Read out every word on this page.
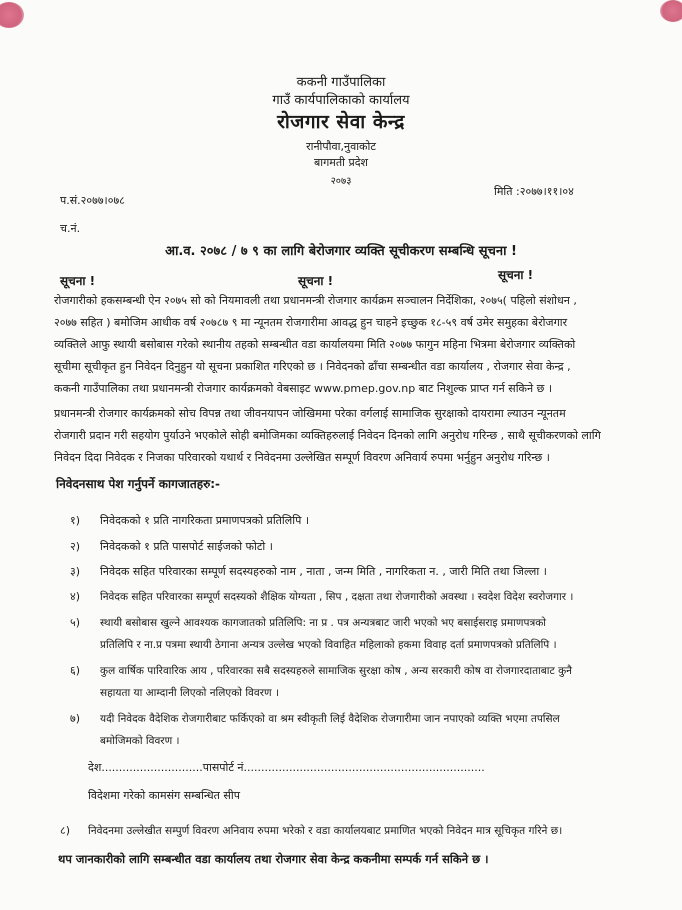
ककनी गाउँपालिका
गाउँ कार्यपालिकाको कार्यालय
रोजगार सेवा केन्द्र
रानीपौवा,नुवाकोट
बागमती प्रदेश
२०७३
प.सं.२०७७।०७८
मिति :२०७७।११।०४
च.नं.
आ.व. २०७८ / ७ ९ का लागि बेरोजगार व्यक्ति सूचीकरण सम्बन्धि सूचना !
सूचना !	सूचना !	सूचना !
रोजगारीको हकसम्बन्धी ऐन २०७५ सो को नियमावली तथा प्रधानमन्त्री रोजगार कार्यक्रम सञ्चालन निर्देशिका, २०७५( पहिलो संशोधन ,
२०७७ सहित ) बमोजिम आधीक वर्ष २०७८७ ९ मा न्यूनतम रोजगारीमा आवद्ध हुन चाहने इच्छुक १८-५९ वर्ष उमेर समुहका बेरोजगार
व्यक्तिले आफु स्थायी बसोबास गरेको स्थानीय तहको सम्बन्धीत वडा कार्यालयमा मिति २०७७ फागुन महिना भित्रमा बेरोजगार व्यक्तिको
सूचीमा सूचीकृत हुन निवेदन दिनुहुन यो सूचना प्रकाशित गरिएको छ । निवेदनको ढाँचा सम्बन्धीत वडा कार्यालय , रोजगार सेवा केन्द्र ,
ककनी गाउँपालिका तथा प्रधानमन्त्री रोजगार कार्यक्रमको वेबसाइट www.pmep.gov.np बाट निशुल्क प्राप्त गर्न सकिने छ ।
प्रधानमन्त्री रोजगार कार्यक्रमको सोच विपन्न तथा जीवनयापन जोखिममा परेका वर्गलाई सामाजिक सुरक्षाको दायरामा ल्याउन न्यूनतम
रोजगारी प्रदान गरी सहयोग पुर्याउने भएकोले सोही बमोजिमका व्यक्तिहरुलाई निवेदन दिनको लागि अनुरोध गरिन्छ , साथै सूचीकरणको लागि
निवेदन दिदा निवेदक र निजका परिवारको यथार्थ र निवेदनमा उल्लेखित सम्पूर्ण विवरण अनिवार्य रुपमा भर्नुहुन अनुरोध गरिन्छ ।
निवेदनसाथ पेश गर्नुपर्ने कागजातहरु:-
१) निवेदकको १ प्रति नागरिकता प्रमाणपत्रको प्रतिलिपि ।
२) निवेदकको १ प्रति पासपोर्ट साईजको फोटो ।
३) निवेदक सहित परिवारका सम्पूर्ण सदस्यहरुको नाम , नाता , जन्म मिति , नागरिकता न. , जारी मिति तथा जिल्ला ।
४) निवेदक सहित परिवारका सम्पूर्ण सदस्यको शैक्षिक योग्यता , सिप , दक्षता तथा रोजगारीको अवस्था । स्वदेश विदेश स्वरोजगार ।
५) स्थायी बसोबास खुल्ने आवश्यक कागजातको प्रतिलिपि: ना प्र . पत्र अन्यत्रबाट जारी भएको भए बसाईसराइ प्रमाणपत्रको
प्रतिलिपि र ना.प्र पत्रमा स्थायी ठेगाना अन्यत्र उल्लेख भएको विवाहित महिलाको हकमा विवाह दर्ता प्रमाणपत्रको प्रतिलिपि ।
६) कुल वार्षिक पारिवारिक आय , परिवारका सबै सदस्यहरुले सामाजिक सुरक्षा कोष , अन्य सरकारी कोष वा रोजगारदाताबाट कुनै
सहायता या आम्दानी लिएको नलिएको विवरण ।
७) यदी निवेदक वैदेशिक रोजगारीबाट फर्किएको वा श्रम स्वीकृती लिई वैदेशिक रोजगारीमा जान नपाएको व्यक्ति भएमा तपसिल
बमोजिमको विवरण ।
देश.............................पासपोर्ट नं.....................................................................
विदेशमा गरेको कामसंग सम्बन्धित सीप
८) निवेदनमा उल्लेखीत सम्पुर्ण विवरण अनिवाय रुपमा भरेको र वडा कार्यालयबाट प्रमाणित भएको निवेदन मात्र सूचिकृत गरिने छ।
थप जानकारीको लागि सम्बन्धीत वडा कार्यालय तथा रोजगार सेवा केन्द्र ककनीमा सम्पर्क गर्न सकिने छ ।
